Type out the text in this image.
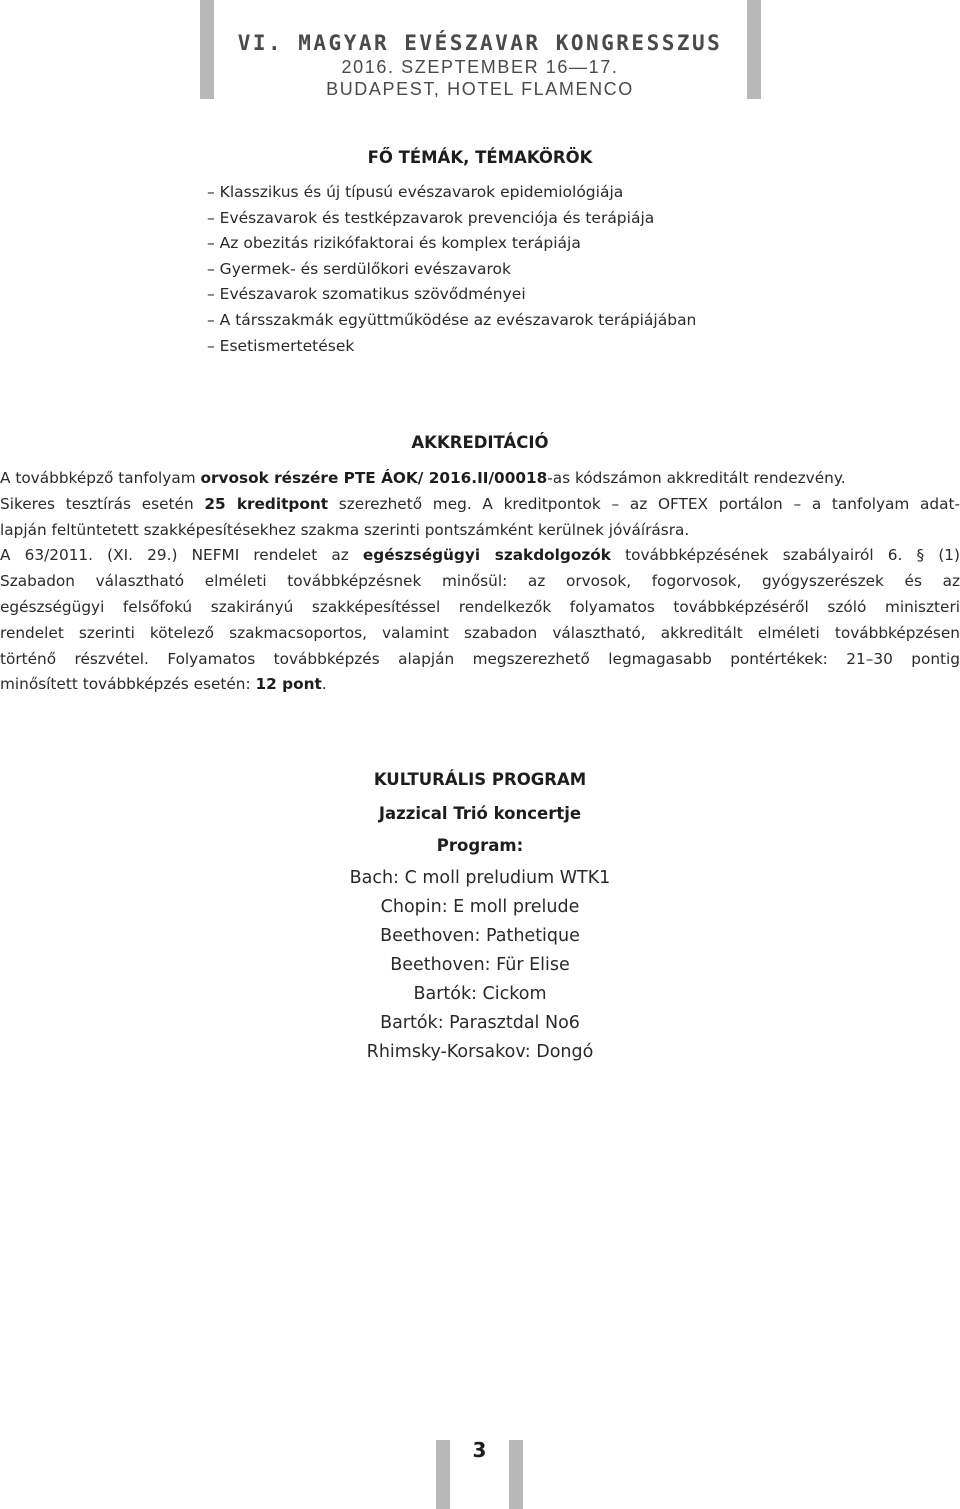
VI. MAGYAR EVÉSZAVAR KONGRESSZUS
2016. SZEPTEMBER 16—17.
BUDAPEST, HOTEL FLAMENCO
FŐ TÉMÁK, TÉMAKÖRÖK
– Klasszikus és új típusú evészavarok epidemiológiája
– Evészavarok és testképzavarok prevenciója és terápiája
– Az obezitás rizikófaktorai és komplex terápiája
– Gyermek- és serdülőkori evészavarok
– Evészavarok szomatikus szövődményei
– A társszakmák együttműködése az evészavarok terápiájában
– Esetismertetések
AKKREDITÁCIÓ
A továbbképző tanfolyam orvosok részére PTE ÁOK/ 2016.II/00018-as kódszámon akkreditált rendezvény.
Sikeres tesztírás esetén 25 kreditpont szerezhető meg. A kreditpontok – az OFTEX portálon – a tanfolyam adat-
lapján feltüntetett szakképesítésekhez szakma szerinti pontszámként kerülnek jóváírásra.
A 63/2011. (XI. 29.) NEFMI rendelet az egészségügyi szakdolgozók továbbképzésének szabályairól 6. § (1)
Szabadon választható elméleti továbbképzésnek minősül: az orvosok, fogorvosok, gyógyszerészek és az
egészségügyi felsőfokú szakirányú szakképesítéssel rendelkezők folyamatos továbbképzéséről szóló miniszteri
rendelet szerinti kötelező szakmacsoportos, valamint szabadon választható, akkreditált elméleti továbbképzésen
történő részvétel. Folyamatos továbbképzés alapján megszerezhető legmagasabb pontértékek: 21–30 pontig
minősített továbbképzés esetén: 12 pont.
KULTURÁLIS PROGRAM
Jazzical Trió koncertje
Program:
Bach: C moll preludium WTK1
Chopin: E moll prelude
Beethoven: Pathetique
Beethoven: Für Elise
Bartók: Cickom
Bartók: Parasztdal No6
Rhimsky-Korsakov: Dongó
3
